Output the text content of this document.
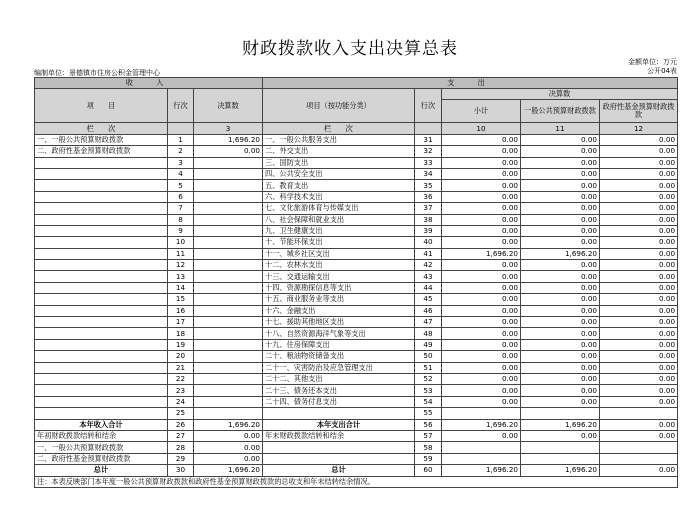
财政拨款收入支出决算总表
金额单位：万元
公开04表
编制单位：景德镇市住房公积金管理中心
收　入			支　出				
项　　目	行次	决算数	项目（按功能分类）	行次	决算数		
					小计	一般公共预算财政拨款	政府性基金预算财政拨款
栏　　次		3	栏　　次		10	11	12
一、一般公共预算财政拨款	1	1,696.20	一、一般公共服务支出	31	0.00	0.00	0.00
二、政府性基金预算财政拨款	2	0.00	二、外交支出	32	0.00	0.00	0.00
	3		三、国防支出	33	0.00	0.00	0.00
	4		四、公共安全支出	34	0.00	0.00	0.00
	5		五、教育支出	35	0.00	0.00	0.00
	6		六、科学技术支出	36	0.00	0.00	0.00
	7		七、文化旅游体育与传媒支出	37	0.00	0.00	0.00
	8		八、社会保障和就业支出	38	0.00	0.00	0.00
	9		九、卫生健康支出	39	0.00	0.00	0.00
	10		十、节能环保支出	40	0.00	0.00	0.00
	11		十一、城乡社区支出	41	1,696.20	1,696.20	0.00
	12		十二、农林水支出	42	0.00	0.00	0.00
	13		十三、交通运输支出	43	0.00	0.00	0.00
	14		十四、资源勘探信息等支出	44	0.00	0.00	0.00
	15		十五、商业服务业等支出	45	0.00	0.00	0.00
	16		十六、金融支出	46	0.00	0.00	0.00
	17		十七、援助其他地区支出	47	0.00	0.00	0.00
	18		十八、自然资源海洋气象等支出	48	0.00	0.00	0.00
	19		十九、住房保障支出	49	0.00	0.00	0.00
	20		二十、粮油物资储备支出	50	0.00	0.00	0.00
	21		二十一、灾害防治及应急管理支出	51	0.00	0.00	0.00
	22		二十二、其他支出	52	0.00	0.00	0.00
	23		二十三、债务还本支出	53	0.00	0.00	0.00
	24		二十四、债务付息支出	54	0.00	0.00	0.00
	25			55			
本年收入合计	26	1,696.20	本年支出合计	56	1,696.20	1,696.20	0.00
年初财政拨款结转和结余	27	0.00	年末财政拨款结转和结余	57	0.00	0.00	0.00
一、一般公共预算财政拨款	28	0.00		58			
二、政府性基金预算财政拨款	29	0.00		59			
总计	30	1,696.20	总计	60	1,696.20	1,696.20	0.00
注：本表反映部门本年度一般公共预算财政拨款和政府性基金预算财政拨款的总收支和年末结转结余情况。							
